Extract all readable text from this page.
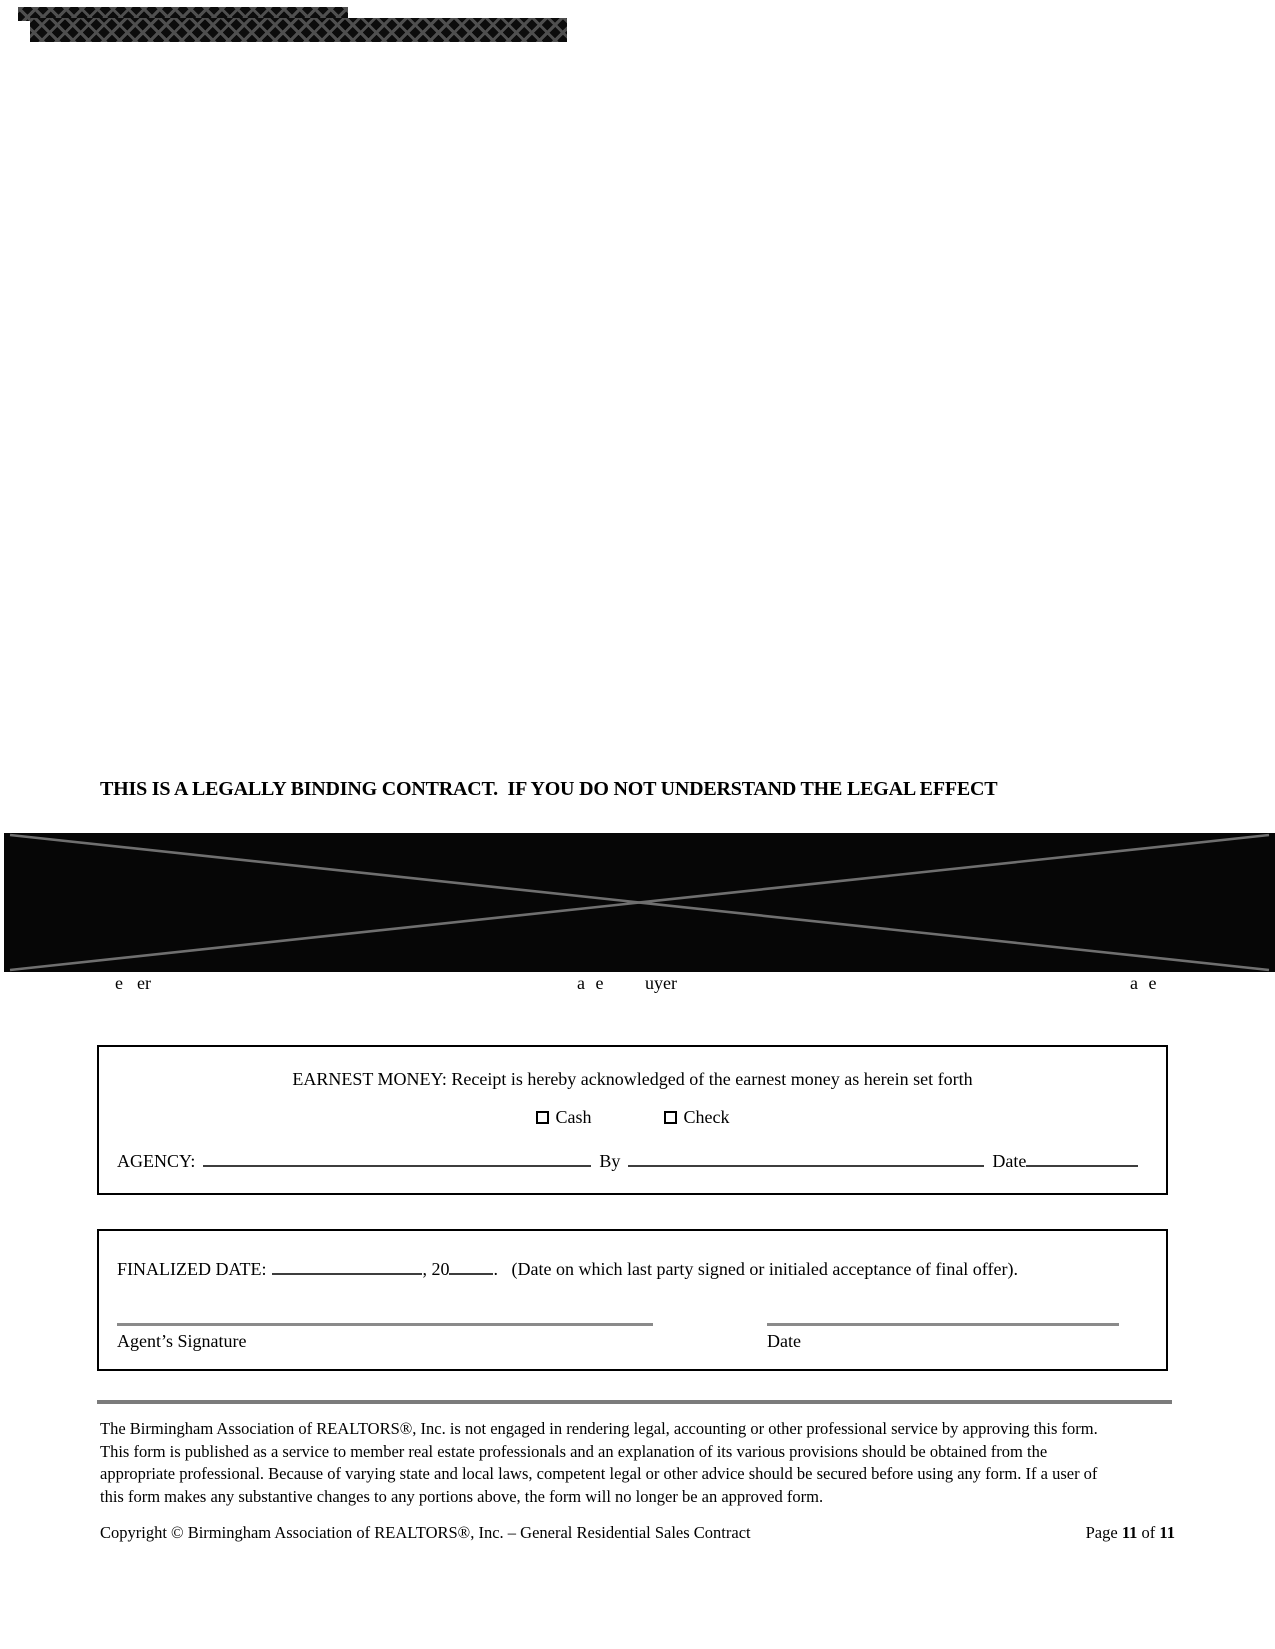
THIS IS A LEGALLY BINDING CONTRACT.  IF YOU DO NOT UNDERSTAND THE LEGAL EFFECT

e er	a e uyer	a e
EARNEST MONEY: Receipt is hereby acknowledged of the earnest money as herein set forth
Cash	Check
AGENCY:	By	Date
FINALIZED DATE:	, 20 .   (Date on which last party signed or initialed acceptance of final offer).
Agent’s Signature	Date
The Birmingham Association of REALTORS®, Inc. is not engaged in rendering legal, accounting or other professional service by approving this form. This form is published as a service to member real estate professionals and an explanation of its various provisions should be obtained from the appropriate professional. Because of varying state and local laws, competent legal or other advice should be secured before using any form. If a user of this form makes any substantive changes to any portions above, the form will no longer be an approved form.
Copyright © Birmingham Association of REALTORS®, Inc. – General Residential Sales Contract	Page 11 of 11
